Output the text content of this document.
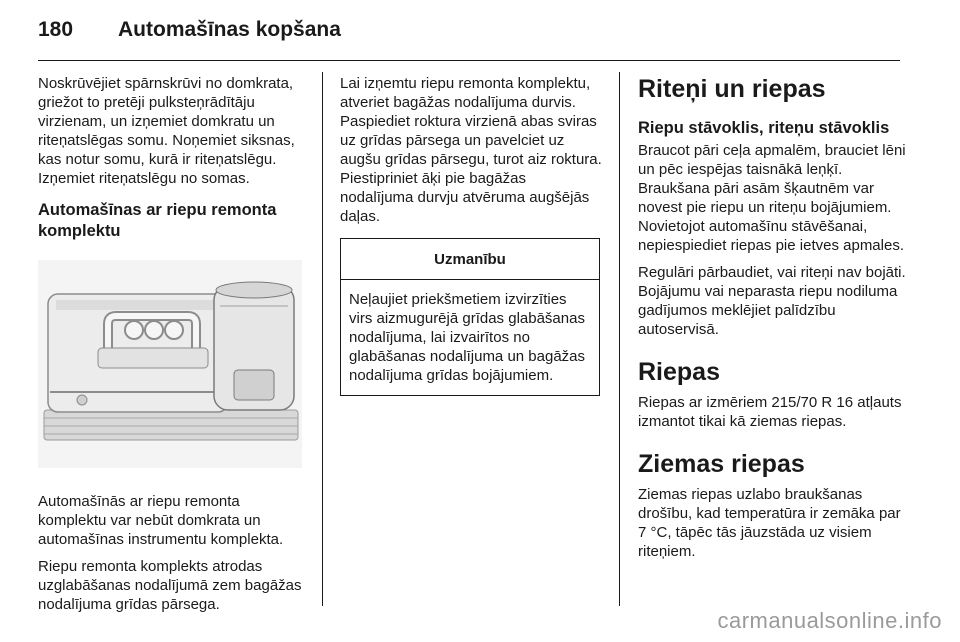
180 Automašīnas kopšana

Noskrūvējiet spārnskrūvi no domkrata, griežot to pretēji pulksteņrādītāju virzienam, un izņemiet domkratu un riteņatslēgas somu. Noņemiet siksnas, kas notur somu, kurā ir riteņatslēgu. Izņemiet riteņatslēgu no somas.

Automašīnas ar riepu remonta komplektu

Automašīnās ar riepu remonta komplektu var nebūt domkrata un automašīnas instrumentu komplekta.

Riepu remonta komplekts atrodas uzglabāšanas nodalījumā zem bagāžas nodalījuma grīdas pārsega.

Lai izņemtu riepu remonta komplektu, atveriet bagāžas nodalījuma durvis. Paspiediet roktura virzienā abas sviras uz grīdas pārsega un pavelciet uz augšu grīdas pārsegu, turot aiz roktura. Piestipriniet āķi pie bagāžas nodalījuma durvju atvēruma augšējās daļas.

Uzmanību

Neļaujiet priekšmetiem izvirzīties virs aizmugurējā grīdas glabāšanas nodalījuma, lai izvairītos no glabāšanas nodalījuma un bagāžas nodalījuma grīdas bojājumiem.

Riteņi un riepas
Riepu stāvoklis, riteņu stāvoklis

Braucot pāri ceļa apmalēm, brauciet lēni un pēc iespējas taisnākā leņķī. Braukšana pāri asām šķautnēm var novest pie riepu un riteņu bojājumiem. Novietojot automašīnu stāvēšanai, nepiespiediet riepas pie ietves apmales.

Regulāri pārbaudiet, vai riteņi nav bojāti. Bojājumu vai neparasta riepu nodiluma gadījumos meklējiet palīdzību autoservisā.

Riepas

Riepas ar izmēriem 215/70 R 16 atļauts izmantot tikai kā ziemas riepas.

Ziemas riepas

Ziemas riepas uzlabo braukšanas drošību, kad temperatūra ir zemāka par 7 °C, tāpēc tās jāuzstāda uz visiem riteņiem.

carmanualsonline.info
